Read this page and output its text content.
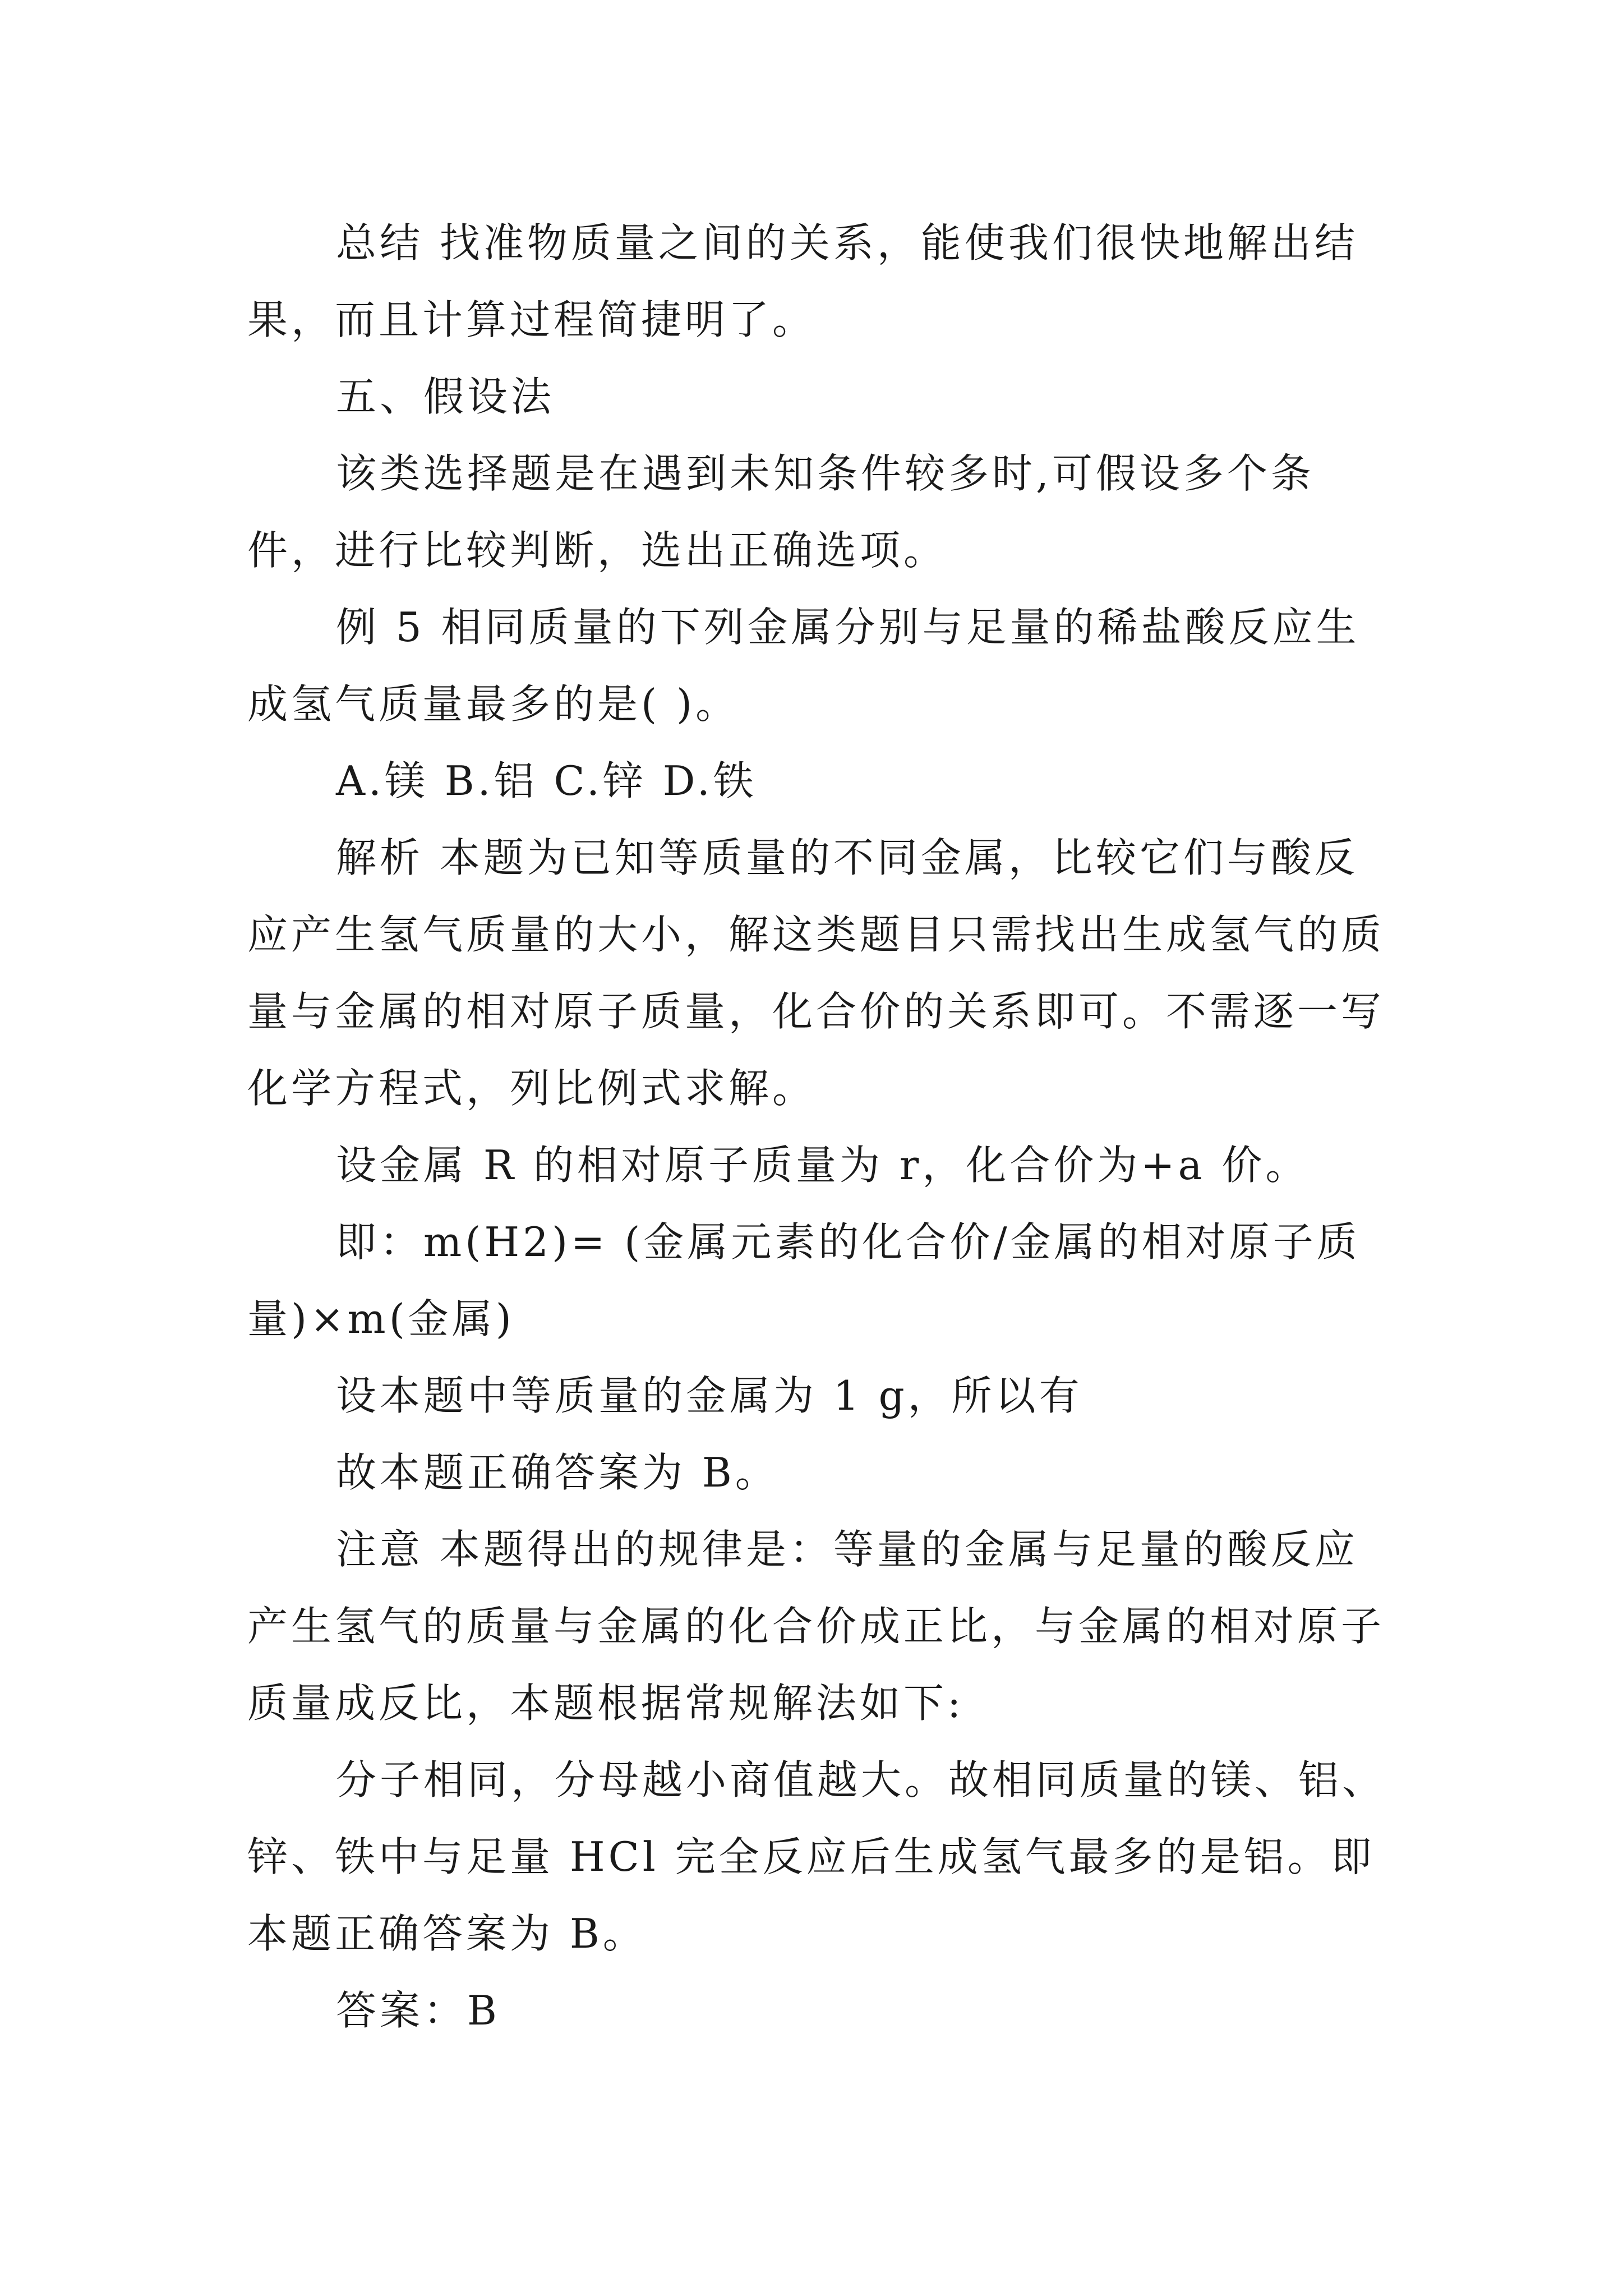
总结 找准物质量之间的关系，能使我们很快地解出结果，而且计算过程简捷明了。

五、假设法

该类选择题是在遇到未知条件较多时,可假设多个条件，进行比较判断，选出正确选项。

例 5 相同质量的下列金属分别与足量的稀盐酸反应生成氢气质量最多的是( )。

A.镁 B.铝 C.锌 D.铁

解析 本题为已知等质量的不同金属，比较它们与酸反应产生氢气质量的大小，解这类题目只需找出生成氢气的质量与金属的相对原子质量，化合价的关系即可。不需逐一写化学方程式，列比例式求解。

设金属 R 的相对原子质量为 r，化合价为+a 价。

即：m(H2)= (金属元素的化合价/金属的相对原子质量)×m(金属)

设本题中等质量的金属为 1 g，所以有

故本题正确答案为 B。

注意 本题得出的规律是：等量的金属与足量的酸反应产生氢气的质量与金属的化合价成正比，与金属的相对原子质量成反比，本题根据常规解法如下:

分子相同，分母越小商值越大。故相同质量的镁、铝、锌、铁中与足量 HCl 完全反应后生成氢气最多的是铝。即本题正确答案为 B。

答案：B
